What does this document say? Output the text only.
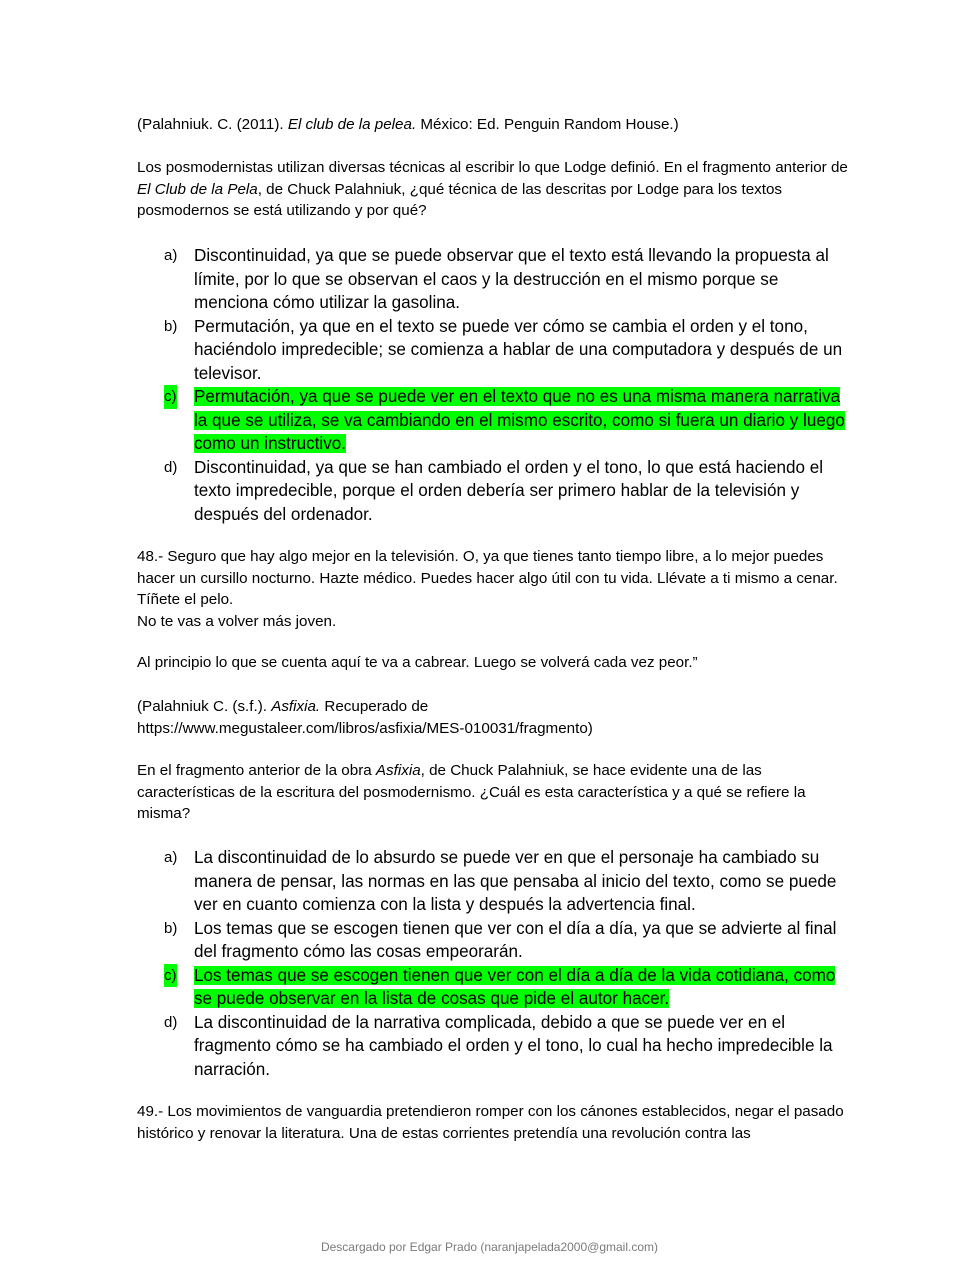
(Palahniuk. C. (2011). El club de la pelea. México: Ed. Penguin Random House.)
Los posmodernistas utilizan diversas técnicas al escribir lo que Lodge definió. En el fragmento anterior de El Club de la Pela, de Chuck Palahniuk, ¿qué técnica de las descritas por Lodge para los textos posmodernos se está utilizando y por qué?
a) Discontinuidad, ya que se puede observar que el texto está llevando la propuesta al límite, por lo que se observan el caos y la destrucción en el mismo porque se menciona cómo utilizar la gasolina.
b) Permutación, ya que en el texto se puede ver cómo se cambia el orden y el tono, haciéndolo impredecible; se comienza a hablar de una computadora y después de un televisor.
c) Permutación, ya que se puede ver en el texto que no es una misma manera narrativa la que se utiliza, se va cambiando en el mismo escrito, como si fuera un diario y luego como un instructivo.
d) Discontinuidad, ya que se han cambiado el orden y el tono, lo que está haciendo el texto impredecible, porque el orden debería ser primero hablar de la televisión y después del ordenador.
48.- Seguro que hay algo mejor en la televisión. O, ya que tienes tanto tiempo libre, a lo mejor puedes hacer un cursillo nocturno. Hazte médico. Puedes hacer algo útil con tu vida. Llévate a ti mismo a cenar. Tíñete el pelo.
No te vas a volver más joven.
Al principio lo que se cuenta aquí te va a cabrear. Luego se volverá cada vez peor.”
(Palahniuk C. (s.f.). Asfixia. Recuperado de
https://www.megustaleer.com/libros/asfixia/MES-010031/fragmento)
En el fragmento anterior de la obra Asfixia, de Chuck Palahniuk, se hace evidente una de las características de la escritura del posmodernismo. ¿Cuál es esta característica y a qué se refiere la misma?
a) La discontinuidad de lo absurdo se puede ver en que el personaje ha cambiado su manera de pensar, las normas en las que pensaba al inicio del texto, como se puede ver en cuanto comienza con la lista y después la advertencia final.
b) Los temas que se escogen tienen que ver con el día a día, ya que se advierte al final del fragmento cómo las cosas empeorarán.
c) Los temas que se escogen tienen que ver con el día a día de la vida cotidiana, como se puede observar en la lista de cosas que pide el autor hacer.
d) La discontinuidad de la narrativa complicada, debido a que se puede ver en el fragmento cómo se ha cambiado el orden y el tono, lo cual ha hecho impredecible la narración.
49.- Los movimientos de vanguardia pretendieron romper con los cánones establecidos, negar el pasado histórico y renovar la literatura. Una de estas corrientes pretendía una revolución contra las
Descargado por Edgar Prado (naranjapelada2000@gmail.com)
